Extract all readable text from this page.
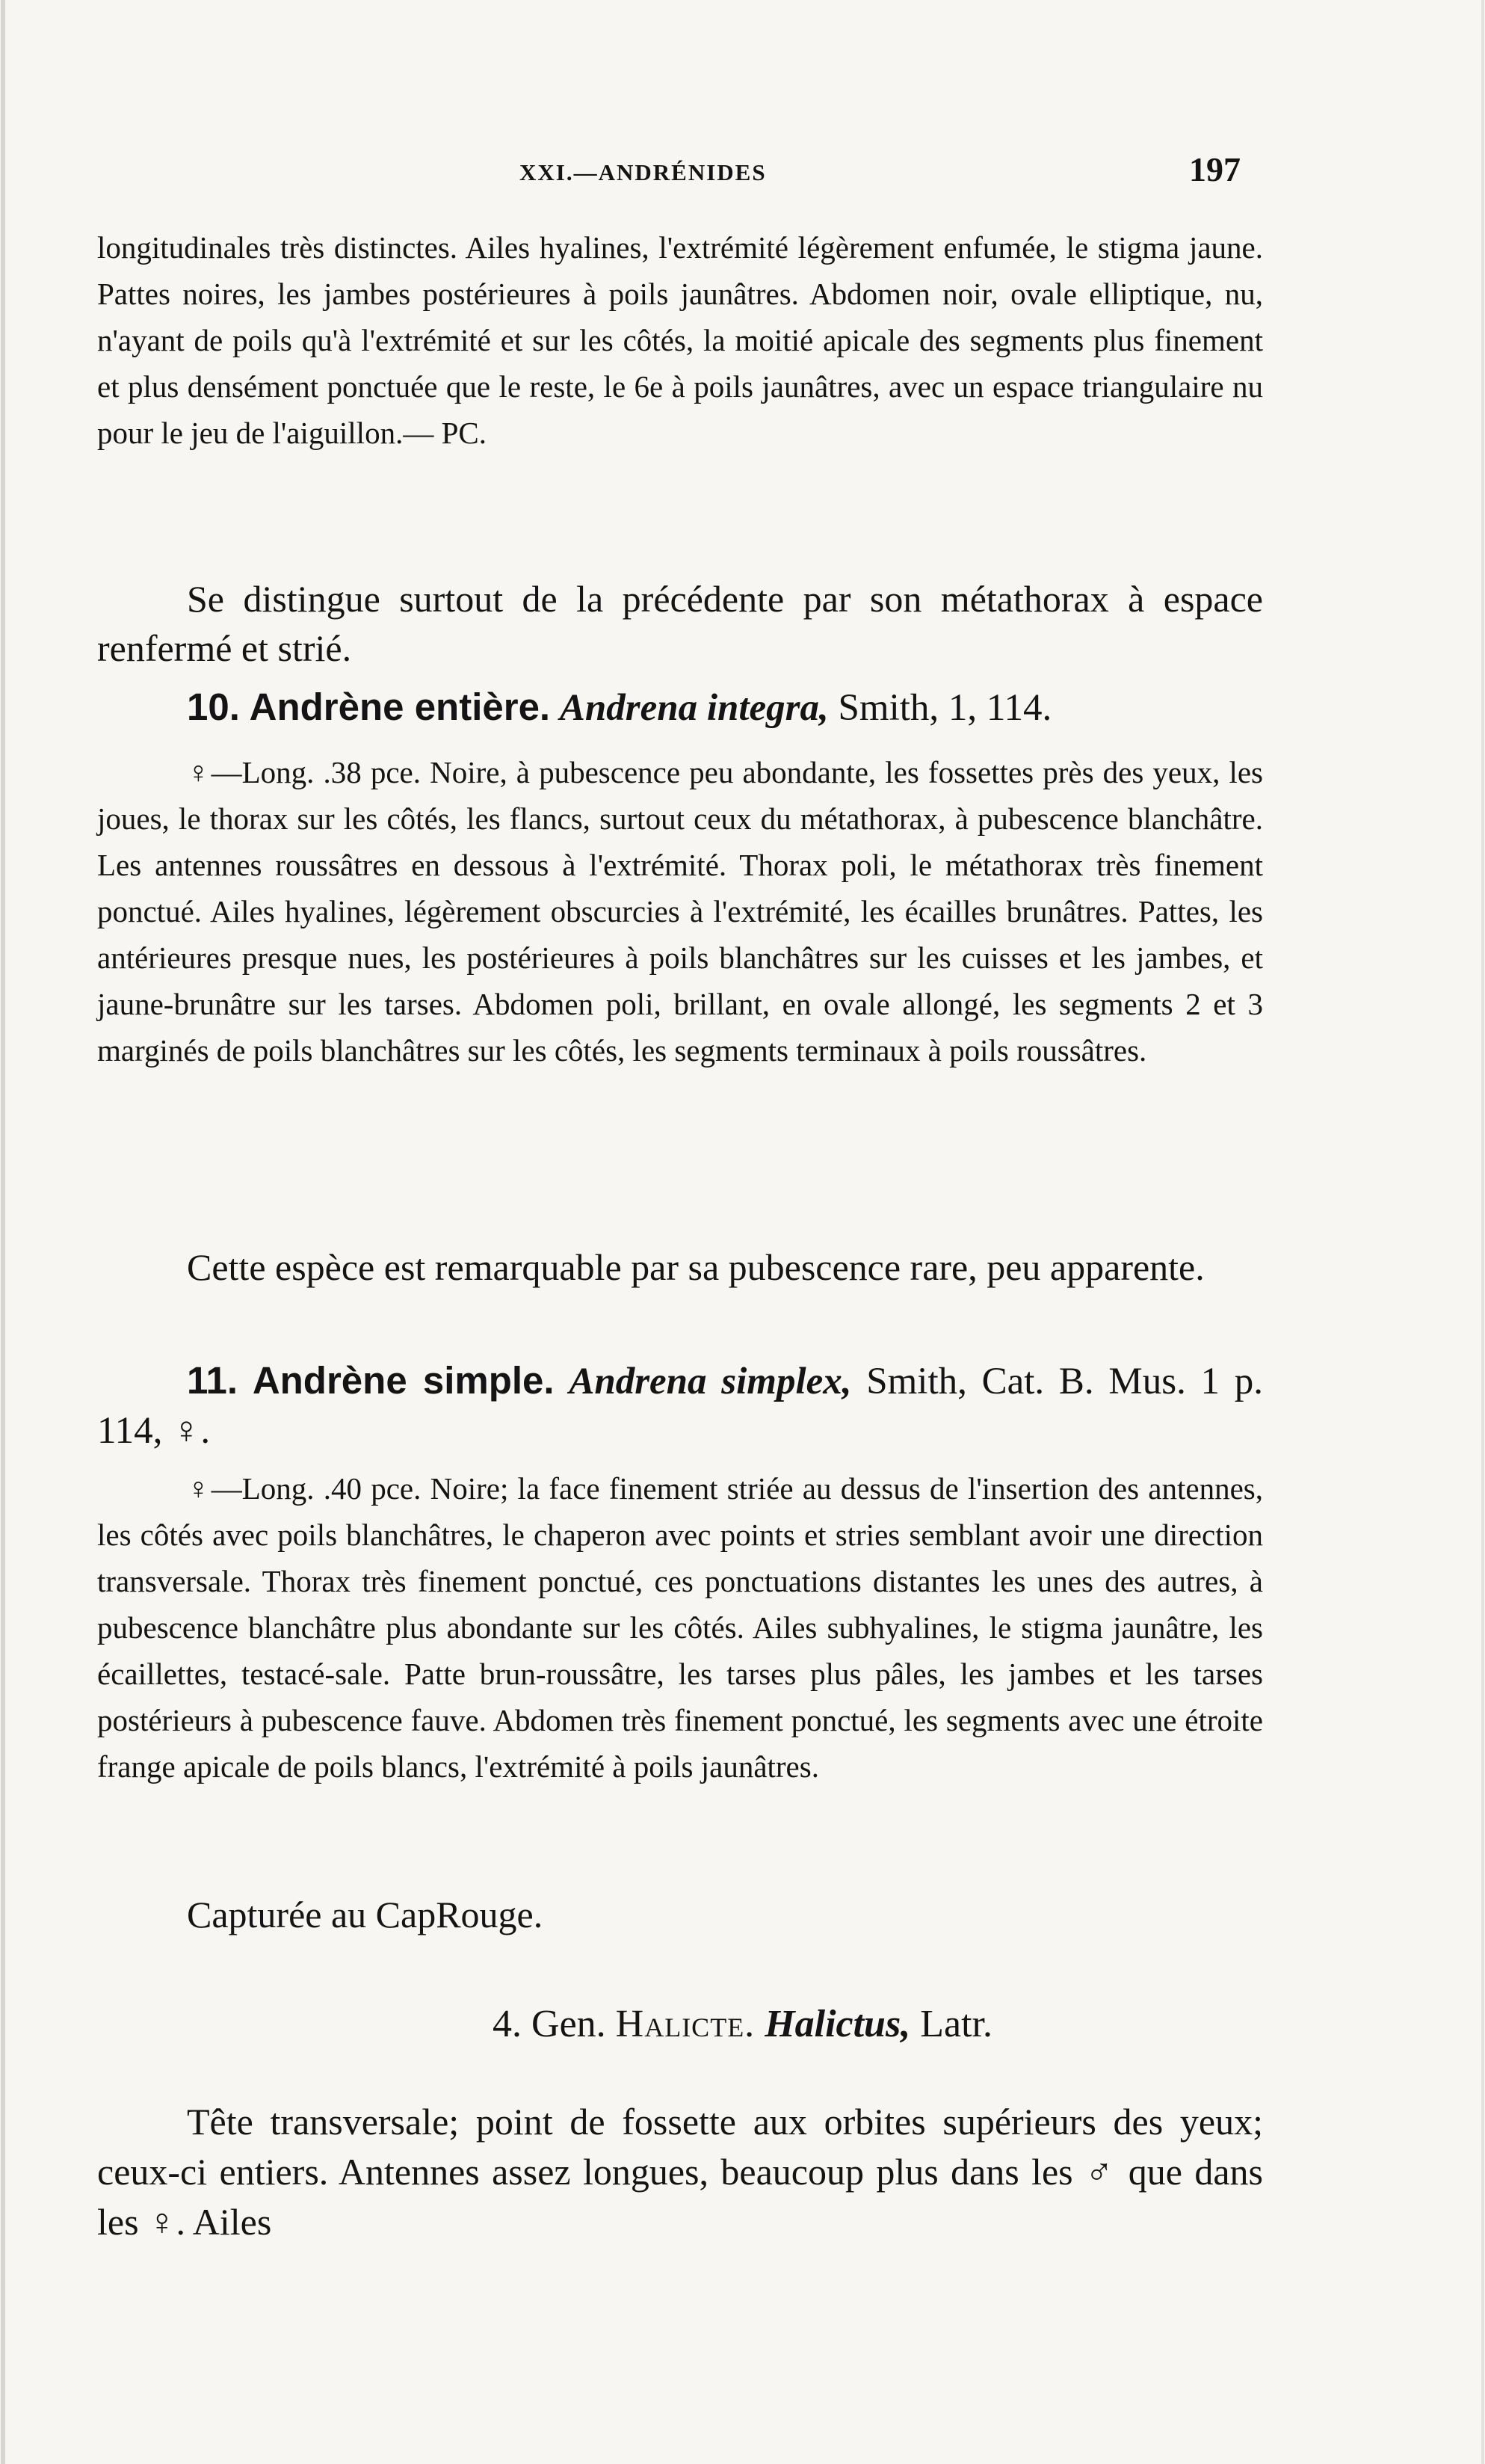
XXI.—ANDRÉNIDES	197

longitudinales très distinctes. Ailes hyalines, l'extrémité légèrement enfumée, le stigma jaune. Pattes noires, les jambes postérieures à poils jaunâtres. Abdomen noir, ovale elliptique, nu, n'ayant de poils qu'à l'extrémité et sur les côtés, la moitié apicale des segments plus finement et plus densément ponctuée que le reste, le 6e à poils jaunâtres, avec un espace triangulaire nu pour le jeu de l'aiguillon.— PC.

Se distingue surtout de la précédente par son métathorax à espace renfermé et strié.

10. Andrène entière. Andrena integra, Smith, 1, 114.

♀—Long. .38 pce. Noire, à pubescence peu abondante, les fossettes près des yeux, les joues, le thorax sur les côtés, les flancs, surtout ceux du métathorax, à pubescence blanchâtre. Les antennes roussâtres en dessous à l'extrémité. Thorax poli, le métathorax très finement ponctué. Ailes hyalines, légèrement obscurcies à l'extrémité, les écailles brunâtres. Pattes, les antérieures presque nues, les postérieures à poils blanchâtres sur les cuisses et les jambes, et jaune-brunâtre sur les tarses. Abdomen poli, brillant, en ovale allongé, les segments 2 et 3 marginés de poils blanchâtres sur les côtés, les segments terminaux à poils roussâtres.

Cette espèce est remarquable par sa pubescence rare, peu apparente.

11. Andrène simple. Andrena simplex, Smith, Cat. B. Mus. 1 p. 114, ♀.

♀—Long. .40 pce. Noire; la face finement striée au dessus de l'insertion des antennes, les côtés avec poils blanchâtres, le chaperon avec points et stries semblant avoir une direction transversale. Thorax très finement ponctué, ces ponctuations distantes les unes des autres, à pubescence blanchâtre plus abondante sur les côtés. Ailes subhyalines, le stigma jaunâtre, les écaillettes, testacé-sale. Patte brun-roussâtre, les tarses plus pâles, les jambes et les tarses postérieurs à pubescence fauve. Abdomen très finement ponctué, les segments avec une étroite frange apicale de poils blancs, l'extrémité à poils jaunâtres.

Capturée au CapRouge.

4. Gen. Halicte. Halictus, Latr.

Tête transversale; point de fossette aux orbites supérieurs des yeux; ceux-ci entiers. Antennes assez longues, beaucoup plus dans les ♂ que dans les ♀. Ailes
